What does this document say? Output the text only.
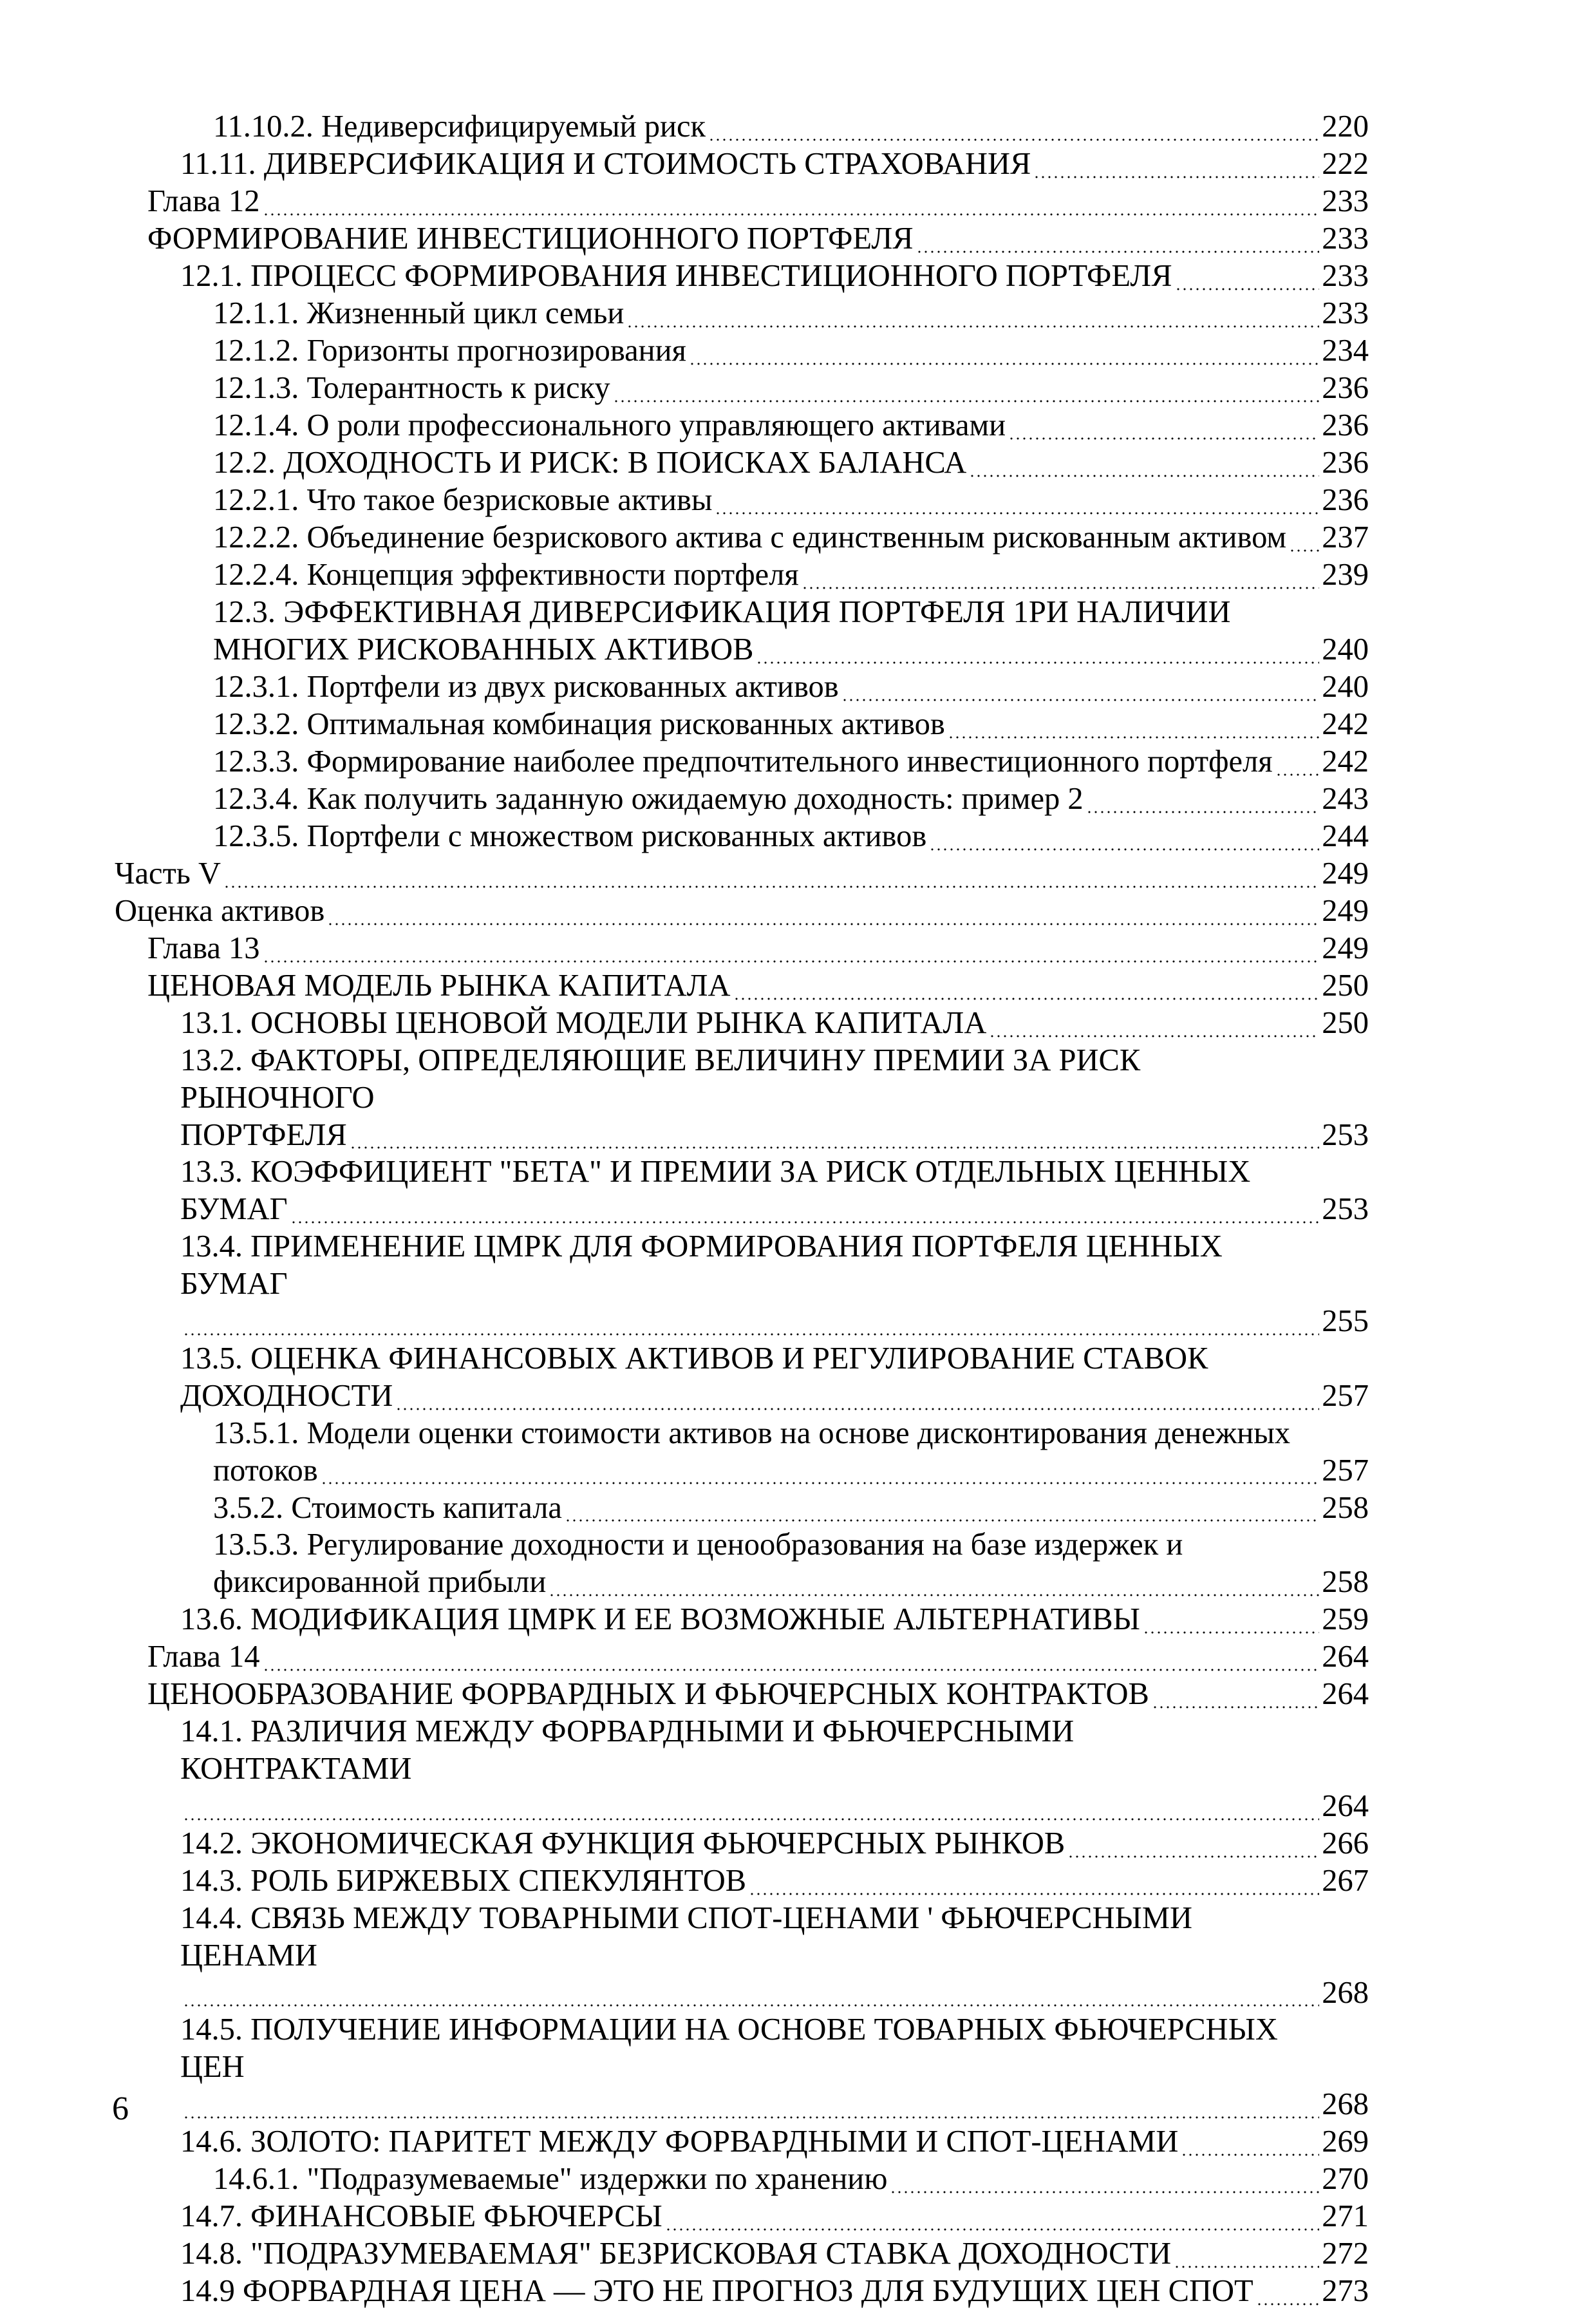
11.10.2. Недиверсифицируемый риск	220
11.11. ДИВЕРСИФИКАЦИЯ И СТОИМОСТЬ СТРАХОВАНИЯ	222
Глава 12	233
ФОРМИРОВАНИЕ ИНВЕСТИЦИОННОГО ПОРТФЕЛЯ	233
12.1. ПРОЦЕСС ФОРМИРОВАНИЯ ИНВЕСТИЦИОННОГО ПОРТФЕЛЯ	233
12.1.1. Жизненный цикл семьи	233
12.1.2. Горизонты прогнозирования	234
12.1.3. Толерантность к риску	236
12.1.4. О роли профессионального управляющего активами	236
12.2. ДОХОДНОСТЬ И РИСК: В ПОИСКАХ БАЛАНСА	236
12.2.1. Что такое безрисковые активы	236
12.2.2. Объединение безрискового актива с единственным рискованным активом 237
12.2.4. Концепция эффективности портфеля	239
12.3. ЭФФЕКТИВНАЯ ДИВЕРСИФИКАЦИЯ ПОРТФЕЛЯ 1РИ НАЛИЧИИ
МНОГИХ РИСКОВАННЫХ АКТИВОВ	240
12.3.1. Портфели из двух рискованных активов	240
12.3.2. Оптимальная комбинация рискованных активов	242
12.3.3. Формирование наиболее предпочтительного инвестиционного портфеля 242
12.3.4. Как получить заданную ожидаемую доходность: пример 2	243
12.3.5. Портфели с множеством рискованных активов	244
Часть V	249
Оценка активов	249
Глава 13	249
ЦЕНОВАЯ МОДЕЛЬ РЫНКА КАПИТАЛА	250
13.1. ОСНОВЫ ЦЕНОВОЙ МОДЕЛИ РЫНКА КАПИТАЛА	250
13.2. ФАКТОРЫ, ОПРЕДЕЛЯЮЩИЕ ВЕЛИЧИНУ ПРЕМИИ ЗА РИСК РЫНОЧНОГО
ПОРТФЕЛЯ	253
13.3. КОЭФФИЦИЕНТ "БЕТА" И ПРЕМИИ ЗА РИСК ОТДЕЛЬНЫХ ЦЕННЫХ
БУМАГ	253
13.4. ПРИМЕНЕНИЕ ЦМРК ДЛЯ ФОРМИРОВАНИЯ ПОРТФЕЛЯ ЦЕННЫХ БУМАГ
255
13.5. ОЦЕНКА ФИНАНСОВЫХ АКТИВОВ И РЕГУЛИРОВАНИЕ СТАВОК
ДОХОДНОСТИ	257
13.5.1. Модели оценки стоимости активов на основе дисконтирования денежных
потоков	257
3.5.2. Стоимость капитала	258
13.5.3. Регулирование доходности и ценообразования на базе издержек и
фиксированной прибыли	258
13.6. МОДИФИКАЦИЯ ЦМРК И ЕЕ ВОЗМОЖНЫЕ АЛЬТЕРНАТИВЫ	259
Глава 14	264
ЦЕНООБРАЗОВАНИЕ ФОРВАРДНЫХ И ФЬЮЧЕРСНЫХ КОНТРАКТОВ	264
14.1. РАЗЛИЧИЯ МЕЖДУ ФОРВАРДНЫМИ И ФЬЮЧЕРСНЫМИ КОНТРАКТАМИ
264
14.2. ЭКОНОМИЧЕСКАЯ ФУНКЦИЯ ФЬЮЧЕРСНЫХ РЫНКОВ	266
14.3. РОЛЬ БИРЖЕВЫХ СПЕКУЛЯНТОВ	267
14.4. СВЯЗЬ МЕЖДУ ТОВАРНЫМИ СПОТ-ЦЕНАМИ ' ФЬЮЧЕРСНЫМИ ЦЕНАМИ
268
14.5. ПОЛУЧЕНИЕ ИНФОРМАЦИИ НА ОСНОВЕ ТОВАРНЫХ ФЬЮЧЕРСНЫХ ЦЕН
268
14.6. ЗОЛОТО: ПАРИТЕТ МЕЖДУ ФОРВАРДНЫМИ И СПОТ-ЦЕНАМИ	269
14.6.1. "Подразумеваемые" издержки по хранению	270
14.7. ФИНАНСОВЫЕ ФЬЮЧЕРСЫ	271
14.8. "ПОДРАЗУМЕВАЕМАЯ" БЕЗРИСКОВАЯ СТАВКА ДОХОДНОСТИ	272
14.9 ФОРВАРДНАЯ ЦЕНА — ЭТО НЕ ПРОГНОЗ ДЛЯ БУДУЩИХ ЦЕН СПОТ 273
6
